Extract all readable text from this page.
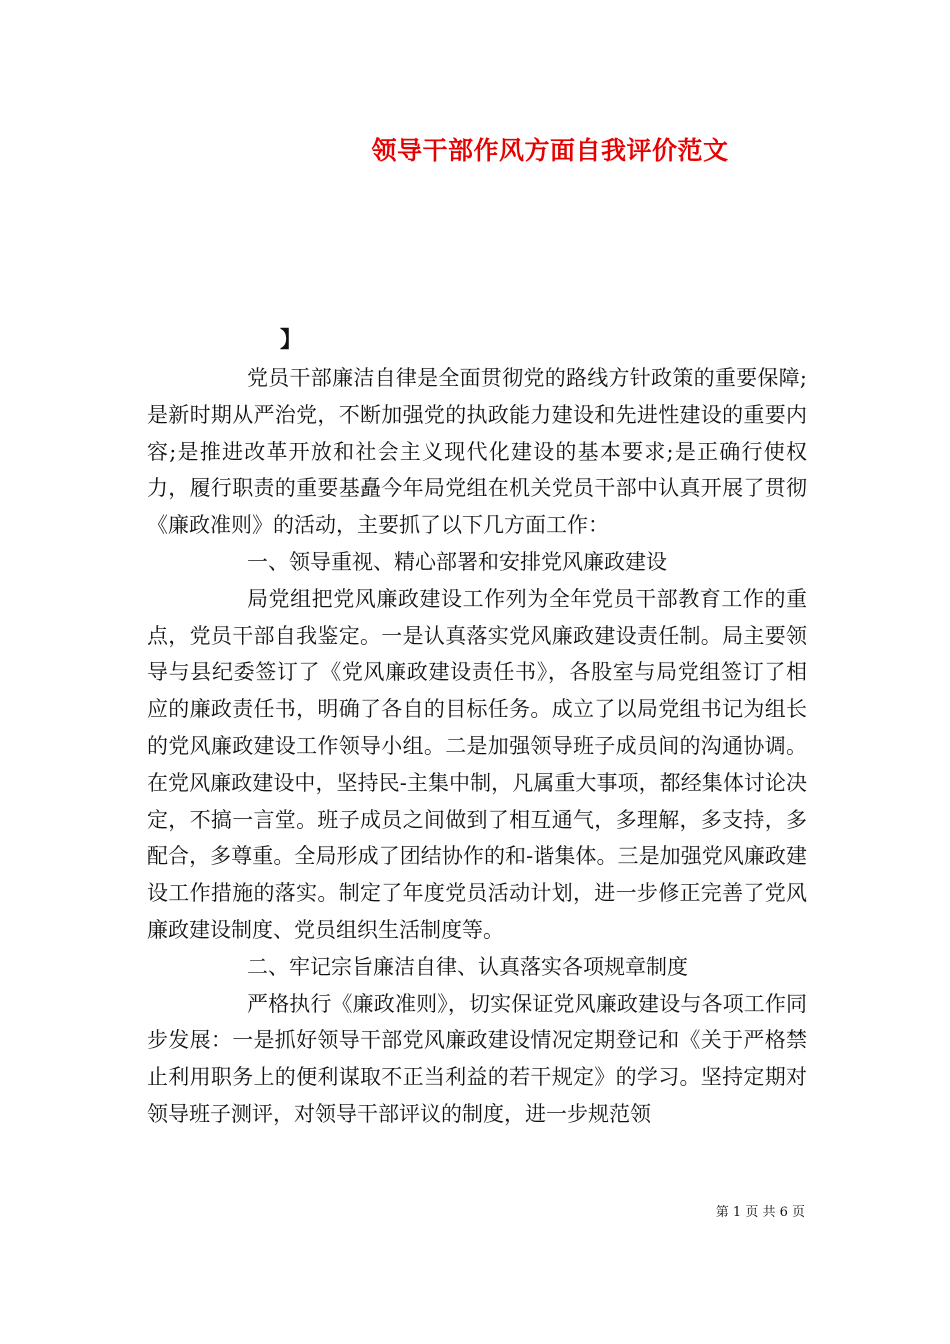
领导干部作风方面自我评价范文
】

党员干部廉洁自律是全面贯彻党的路线方针政策的重要保障;是新时期从严治党，不断加强党的执政能力建设和先进性建设的重要内容;是推进改革开放和社会主义现代化建设的基本要求;是正确行使权力，履行职责的重要基矗今年局党组在机关党员干部中认真开展了贯彻《廉政准则》的活动，主要抓了以下几方面工作：

一、领导重视、精心部署和安排党风廉政建设

局党组把党风廉政建设工作列为全年党员干部教育工作的重点，党员干部自我鉴定。一是认真落实党风廉政建设责任制。局主要领导与县纪委签订了《党风廉政建设责任书》，各股室与局党组签订了相应的廉政责任书，明确了各自的目标任务。成立了以局党组书记为组长的党风廉政建设工作领导小组。二是加强领导班子成员间的沟通协调。在党风廉政建设中，坚持民-主集中制，凡属重大事项，都经集体讨论决定，不搞一言堂。班子成员之间做到了相互通气，多理解，多支持，多配合，多尊重。全局形成了团结协作的和-谐集体。三是加强党风廉政建设工作措施的落实。制定了年度党员活动计划，进一步修正完善了党风廉政建设制度、党员组织生活制度等。

二、牢记宗旨廉洁自律、认真落实各项规章制度

严格执行《廉政准则》，切实保证党风廉政建设与各项工作同步发展：一是抓好领导干部党风廉政建设情况定期登记和《关于严格禁止利用职务上的便利谋取不正当利益的若干规定》的学习。坚持定期对领导班子测评，对领导干部评议的制度，进一步规范领

第 1 页 共 6 页
